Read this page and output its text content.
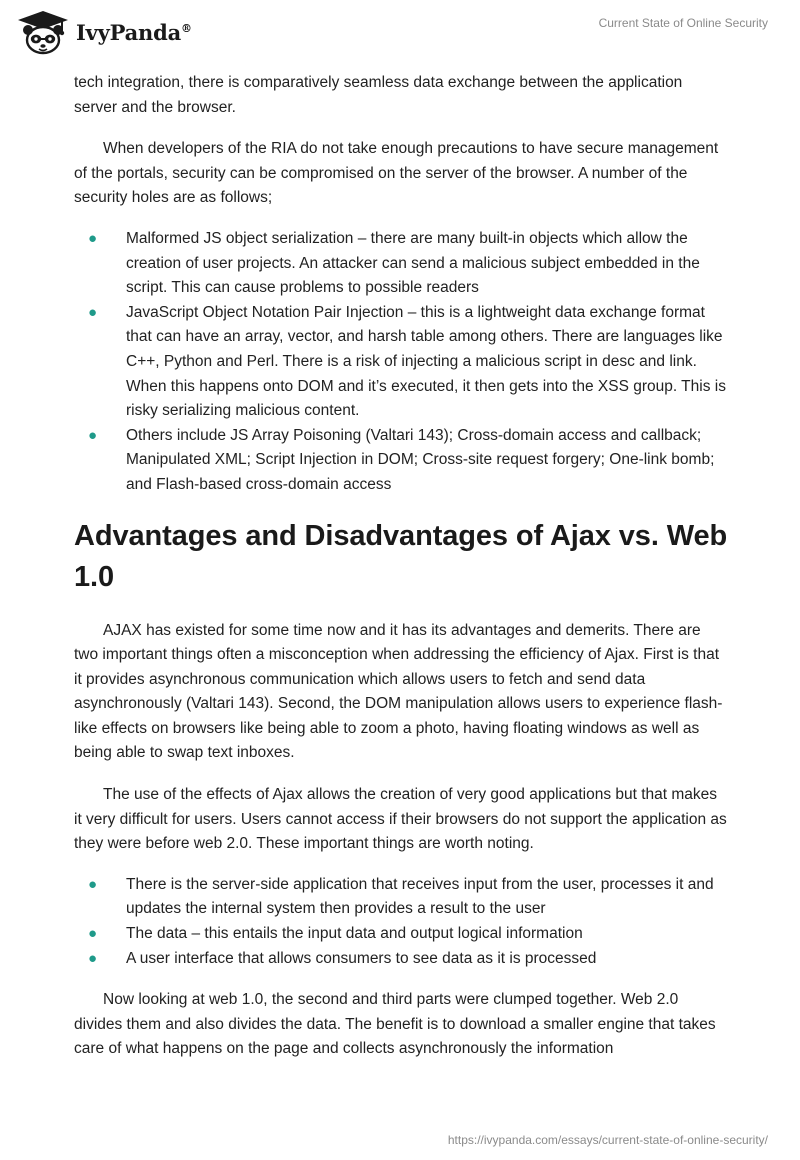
IvyPanda®	Current State of Online Security

tech integration, there is comparatively seamless data exchange between the application server and the browser.

When developers of the RIA do not take enough precautions to have secure management of the portals, security can be compromised on the server of the browser. A number of the security holes are as follows;

● Malformed JS object serialization – there are many built-in objects which allow the creation of user projects. An attacker can send a malicious subject embedded in the script. This can cause problems to possible readers
● JavaScript Object Notation Pair Injection – this is a lightweight data exchange format that can have an array, vector, and harsh table among others. There are languages like C++, Python and Perl. There is a risk of injecting a malicious script in desc and link. When this happens onto DOM and it’s executed, it then gets into the XSS group. This is risky serializing malicious content.
● Others include JS Array Poisoning (Valtari 143); Cross-domain access and callback; Manipulated XML; Script Injection in DOM; Cross-site request forgery; One-link bomb; and Flash-based cross-domain access
Advantages and Disadvantages of Ajax vs. Web 1.0

AJAX has existed for some time now and it has its advantages and demerits. There are two important things often a misconception when addressing the efficiency of Ajax. First is that it provides asynchronous communication which allows users to fetch and send data asynchronously (Valtari 143). Second, the DOM manipulation allows users to experience flash-like effects on browsers like being able to zoom a photo, having floating windows as well as being able to swap text inboxes.

The use of the effects of Ajax allows the creation of very good applications but that makes it very difficult for users. Users cannot access if their browsers do not support the application as they were before web 2.0. These important things are worth noting.

● There is the server-side application that receives input from the user, processes it and updates the internal system then provides a result to the user
● The data – this entails the input data and output logical information
● A user interface that allows consumers to see data as it is processed

Now looking at web 1.0, the second and third parts were clumped together. Web 2.0 divides them and also divides the data. The benefit is to download a smaller engine that takes care of what happens on the page and collects asynchronously the information

https://ivypanda.com/essays/current-state-of-online-security/
